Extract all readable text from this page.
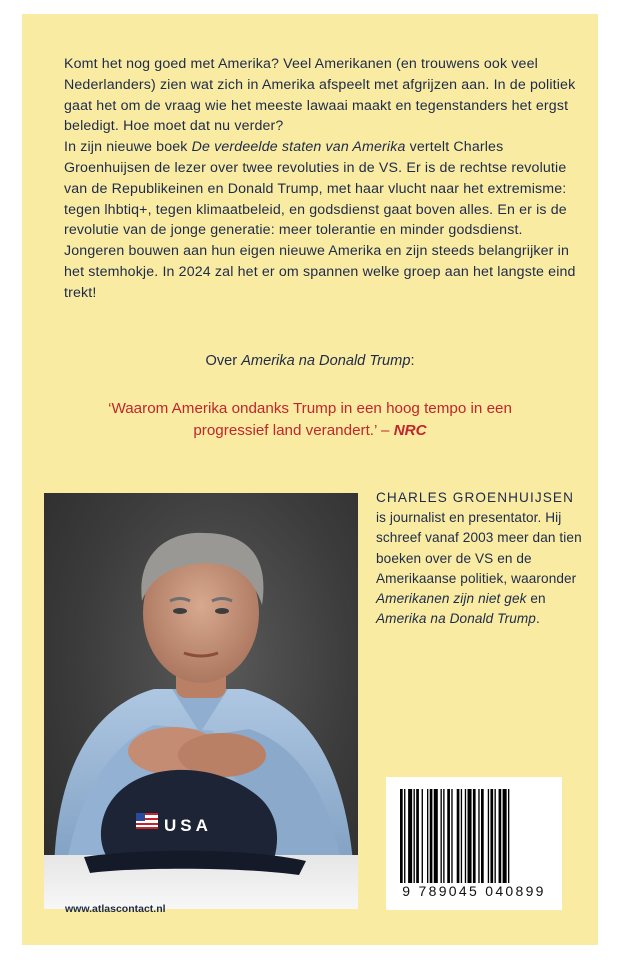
Komt het nog goed met Amerika? Veel Amerikanen (en trouwens ook veel Nederlanders) zien wat zich in Amerika afspeelt met afgrijzen aan. In de politiek gaat het om de vraag wie het meeste lawaai maakt en tegenstanders het ergst beledigt. Hoe moet dat nu verder?

In zijn nieuwe boek De verdeelde staten van Amerika vertelt Charles Groenhuijsen de lezer over twee revoluties in de VS. Er is de rechtse revolutie van de Republikeinen en Donald Trump, met haar vlucht naar het extremisme: tegen lhbtiq+, tegen klimaatbeleid, en godsdienst gaat boven alles. En er is de revolutie van de jonge generatie: meer tolerantie en minder godsdienst. Jongeren bouwen aan hun eigen nieuwe Amerika en zijn steeds belangrijker in het stemhokje. In 2024 zal het er om spannen welke groep aan het langste eind trekt!

Over Amerika na Donald Trump:
‘Waarom Amerika ondanks Trump in een hoog tempo in een progressief land verandert.’ – NRC
USA
CHARLES GROENHUIJSEN
is journalist en presentator. Hij schreef vanaf 2003 meer dan tien boeken over de VS en de Amerikaanse politiek, waaronder Amerikanen zijn niet gek en Amerika na Donald Trump.
9 789045 040899
www.atlascontact.nl
